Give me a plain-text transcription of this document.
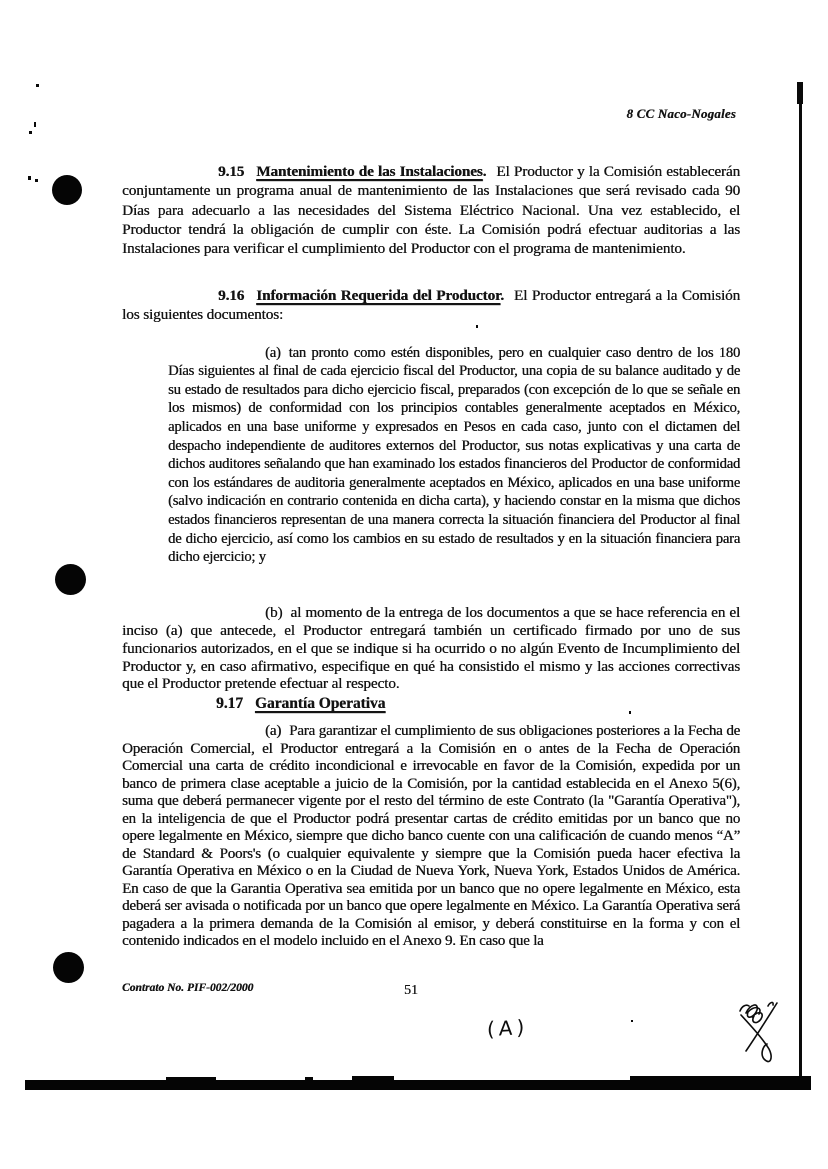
8 CC Naco-Nogales

9.15 Mantenimiento de las Instalaciones. El Productor y la Comisión establecerán conjuntamente un programa anual de mantenimiento de las Instalaciones que será revisado cada 90 Días para adecuarlo a las necesidades del Sistema Eléctrico Nacional. Una vez establecido, el Productor tendrá la obligación de cumplir con éste. La Comisión podrá efectuar auditorias a las Instalaciones para verificar el cumplimiento del Productor con el programa de mantenimiento.

9.16 Información Requerida del Productor. El Productor entregará a la Comisión los siguientes documentos:

(a) tan pronto como estén disponibles, pero en cualquier caso dentro de los 180 Días siguientes al final de cada ejercicio fiscal del Productor, una copia de su balance auditado y de su estado de resultados para dicho ejercicio fiscal, preparados (con excepción de lo que se señale en los mismos) de conformidad con los principios contables generalmente aceptados en México, aplicados en una base uniforme y expresados en Pesos en cada caso, junto con el dictamen del despacho independiente de auditores externos del Productor, sus notas explicativas y una carta de dichos auditores señalando que han examinado los estados financieros del Productor de conformidad con los estándares de auditoria generalmente aceptados en México, aplicados en una base uniforme (salvo indicación en contrario contenida en dicha carta), y haciendo constar en la misma que dichos estados financieros representan de una manera correcta la situación financiera del Productor al final de dicho ejercicio, así como los cambios en su estado de resultados y en la situación financiera para dicho ejercicio; y

(b) al momento de la entrega de los documentos a que se hace referencia en el inciso (a) que antecede, el Productor entregará también un certificado firmado por uno de sus funcionarios autorizados, en el que se indique si ha ocurrido o no algún Evento de Incumplimiento del Productor y, en caso afirmativo, especifique en qué ha consistido el mismo y las acciones correctivas que el Productor pretende efectuar al respecto.

9.17 Garantía Operativa

(a) Para garantizar el cumplimiento de sus obligaciones posteriores a la Fecha de Operación Comercial, el Productor entregará a la Comisión en o antes de la Fecha de Operación Comercial una carta de crédito incondicional e irrevocable en favor de la Comisión, expedida por un banco de primera clase aceptable a juicio de la Comisión, por la cantidad establecida en el Anexo 5(6), suma que deberá permanecer vigente por el resto del término de este Contrato (la "Garantía Operativa"), en la inteligencia de que el Productor podrá presentar cartas de crédito emitidas por un banco que no opere legalmente en México, siempre que dicho banco cuente con una calificación de cuando menos “A” de Standard & Poors's (o cualquier equivalente y siempre que la Comisión pueda hacer efectiva la Garantía Operativa en México o en la Ciudad de Nueva York, Nueva York, Estados Unidos de América. En caso de que la Garantia Operativa sea emitida por un banco que no opere legalmente en México, esta deberá ser avisada o notificada por un banco que opere legalmente en México. La Garantía Operativa será pagadera a la primera demanda de la Comisión al emisor, y deberá constituirse en la forma y con el contenido indicados en el modelo incluido en el Anexo 9. En caso que la

Contrato No. PIF-002/2000	51
(A)
